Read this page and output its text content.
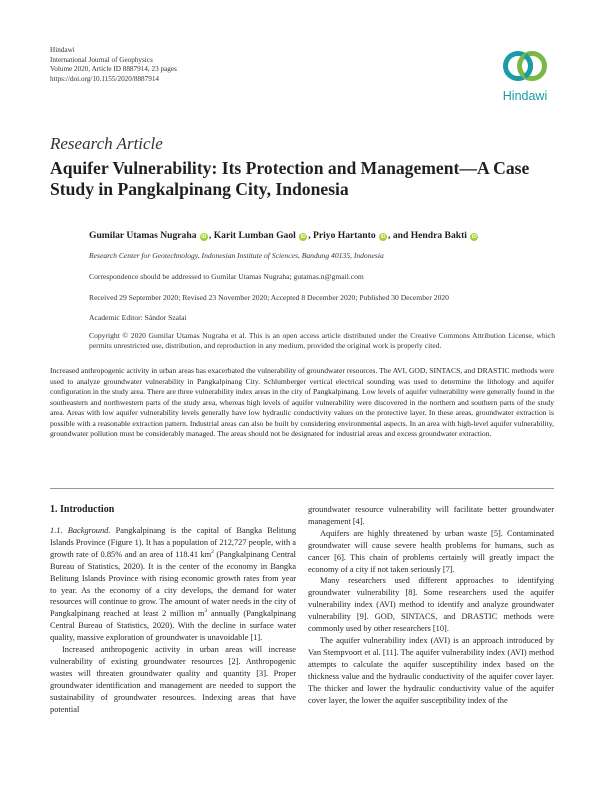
Hindawi
International Journal of Geophysics
Volume 2020, Article ID 8887914, 23 pages
https://doi.org/10.1155/2020/8887914
Hindawi
Research Article
Aquifer Vulnerability: Its Protection and Management—A Case Study in Pangkalpinang City, Indonesia
Gumilar Utamas Nugraha iD , Karit Lumban Gaol iD , Priyo Hartanto iD , and Hendra Bakti iD
Research Center for Geotechnology, Indonesian Institute of Sciences, Bandung 40135, Indonesia
Correspondence should be addressed to Gumilar Utamas Nugraha; gutamas.n@gmail.com
Received 29 September 2020; Revised 23 November 2020; Accepted 8 December 2020; Published 30 December 2020
Academic Editor: Sándor Szalai
Copyright © 2020 Gumilar Utamas Nugraha et al. This is an open access article distributed under the Creative Commons Attribution License, which permits unrestricted use, distribution, and reproduction in any medium, provided the original work is properly cited.
Increased anthropogenic activity in urban areas has exacerbated the vulnerability of groundwater resources. The AVI, GOD, SINTACS, and DRASTIC methods were used to analyze groundwater vulnerability in Pangkalpinang City. Schlumberger vertical electrical sounding was used to determine the lithology and aquifer configuration in the study area. There are three vulnerability index areas in the city of Pangkalpinang. Low levels of aquifer vulnerability were generally found in the southeastern and northwestern parts of the study area, whereas high levels of aquifer vulnerability were discovered in the northern and southern parts of the study area. Areas with low aquifer vulnerability levels generally have low hydraulic conductivity values on the protective layer. In these areas, groundwater extraction is possible with a reasonable extraction pattern. Industrial areas can also be built by considering environmental aspects. In an area with high-level aquifer vulnerability, groundwater pollution must be considerably managed. The areas should not be designated for industrial areas and excess groundwater extraction.
1. Introduction

1.1. Background. Pangkalpinang is the capital of Bangka Belitung Islands Province (Figure 1). It has a population of 212,727 people, with a growth rate of 0.85% and an area of 118.41 $km^2$ (Pangkalpinang Central Bureau of Statistics, 2020). It is the center of the economy in Bangka Belitung Islands Province with rising economic growth rates from year to year. As the economy of a city develops, the demand for water resources will continue to grow. The amount of water needs in the city of Pangkalpinang reached at least 2 million $m^3$ annually (Pangkalpinang Central Bureau of Statistics, 2020). With the decline in surface water quality, massive exploration of groundwater is unavoidable [1].

Increased anthropogenic activity in urban areas will increase vulnerability of existing groundwater resources [2]. Anthropogenic wastes will threaten groundwater quality and quantity [3]. Proper groundwater identification and management are needed to support the sustainability of groundwater resources. Indexing areas that have potential

groundwater resource vulnerability will facilitate better groundwater management [4].

Aquifers are highly threatened by urban waste [5]. Contaminated groundwater will cause severe health problems for humans, such as cancer [6]. This chain of problems certainly will greatly impact the economy of a city if not taken seriously [7].

Many researchers used different approaches to identifying groundwater vulnerability [8]. Some researchers used the aquifer vulnerability index (AVI) method to identify and analyze groundwater vulnerability [9]. GOD, SINTACS, and DRASTIC methods were commonly used by other researchers [10].

The aquifer vulnerability index (AVI) is an approach introduced by Van Stempvoort et al. [11]. The aquifer vulnerability index (AVI) method attempts to calculate the aquifer susceptibility index based on the thickness value and the hydraulic conductivity of the aquifer cover layer. The thicker and lower the hydraulic conductivity value of the aquifer cover layer, the lower the aquifer susceptibility index of the
